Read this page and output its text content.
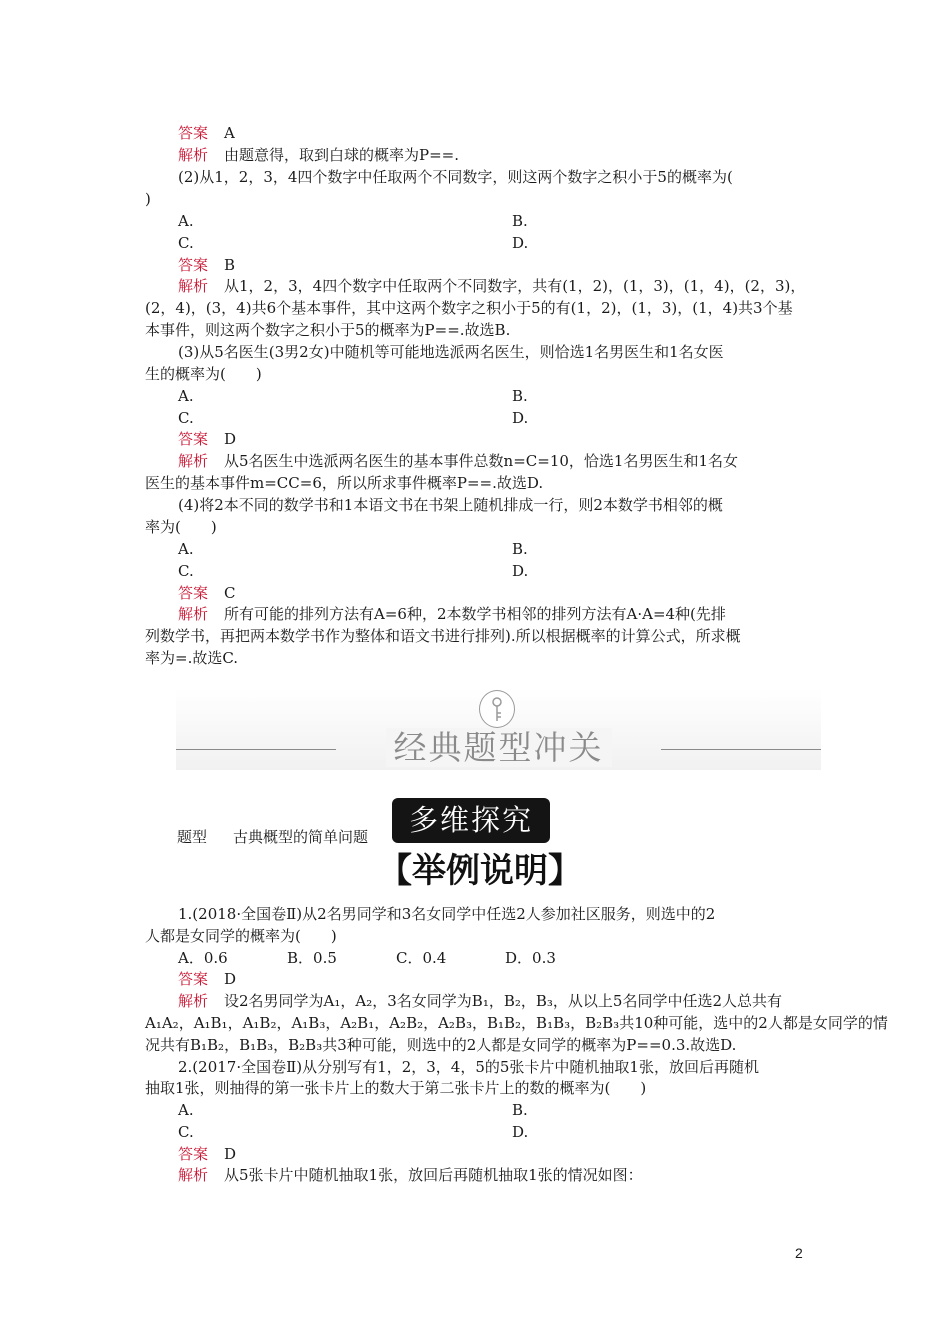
答案 A
解析 由题意得，取到白球的概率为P==.
(2)从1，2，3，4四个数字中任取两个不同数字，则这两个数字之积小于5的概率为(
)
A.	B.
C.	D.
答案 B
解析 从1，2，3，4四个数字中任取两个不同数字，共有(1，2)，(1，3)，(1，4)，(2，3)，
(2，4)，(3，4)共6个基本事件，其中这两个数字之积小于5的有(1，2)，(1，3)，(1，4)共3个基
本事件，则这两个数字之积小于5的概率为P==.故选B.
(3)从5名医生(3男2女)中随机等可能地选派两名医生，则恰选1名男医生和1名女医
生的概率为(　　)
A.	B.
C.	D.
答案 D
解析 从5名医生中选派两名医生的基本事件总数n=C=10，恰选1名男医生和1名女
医生的基本事件m=CC=6，所以所求事件概率P==.故选D.
(4)将2本不同的数学书和1本语文书在书架上随机排成一行，则2本数学书相邻的概
率为(　　)
A.	B.
C.	D.
答案 C
解析 所有可能的排列方法有A=6种，2本数学书相邻的排列方法有A·A=4种(先排
列数学书，再把两本数学书作为整体和语文书进行排列).所以根据概率的计算公式，所求概
率为=.故选C.
经典题型冲关
多维探究
题型 古典概型的简单问题
【举例说明】
1.(2018·全国卷Ⅱ)从2名男同学和3名女同学中任选2人参加社区服务，则选中的2
人都是女同学的概率为(　　)
A．0.6	B．0.5	C．0.4	D．0.3
答案 D
解析 设2名男同学为A₁，A₂，3名女同学为B₁，B₂，B₃，从以上5名同学中任选2人总共有
A₁A₂，A₁B₁，A₁B₂，A₁B₃，A₂B₁，A₂B₂，A₂B₃，B₁B₂，B₁B₃，B₂B₃共10种可能，选中的2人都是女同学的情
况共有B₁B₂，B₁B₃，B₂B₃共3种可能，则选中的2人都是女同学的概率为P==0.3.故选D.
2.(2017·全国卷Ⅱ)从分别写有1，2，3，4，5的5张卡片中随机抽取1张，放回后再随机
抽取1张，则抽得的第一张卡片上的数大于第二张卡片上的数的概率为(　　)
A.	B.
C.	D.
答案 D
解析 从5张卡片中随机抽取1张，放回后再随机抽取1张的情况如图：
2
